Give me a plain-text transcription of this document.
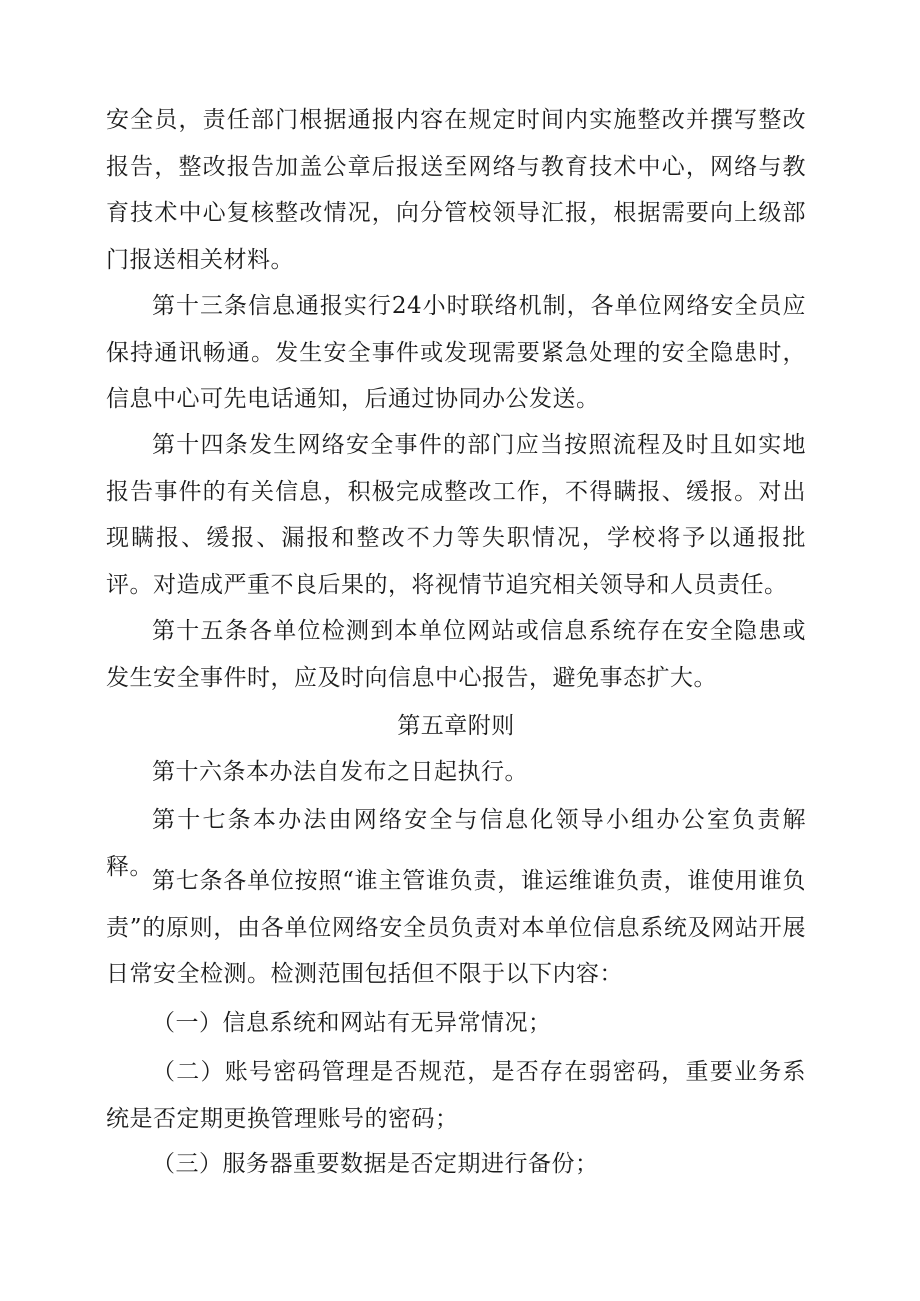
安全员，责任部门根据通报内容在规定时间内实施整改并撰写整改报告，整改报告加盖公章后报送至网络与教育技术中心，网络与教育技术中心复核整改情况，向分管校领导汇报，根据需要向上级部门报送相关材料。

第十三条信息通报实行24小时联络机制，各单位网络安全员应保持通讯畅通。发生安全事件或发现需要紧急处理的安全隐患时，信息中心可先电话通知，后通过协同办公发送。

第十四条发生网络安全事件的部门应当按照流程及时且如实地报告事件的有关信息，积极完成整改工作，不得瞒报、缓报。对出现瞒报、缓报、漏报和整改不力等失职情况，学校将予以通报批评。对造成严重不良后果的，将视情节追究相关领导和人员责任。

第十五条各单位检测到本单位网站或信息系统存在安全隐患或发生安全事件时，应及时向信息中心报告，避免事态扩大。

第五章附则

第十六条本办法自发布之日起执行。

第十七条本办法由网络安全与信息化领导小组办公室负责解释。

第七条各单位按照“谁主管谁负责，谁运维谁负责，谁使用谁负责”的原则，由各单位网络安全员负责对本单位信息系统及网站开展日常安全检测。检测范围包括但不限于以下内容：

（一）信息系统和网站有无异常情况；

（二）账号密码管理是否规范，是否存在弱密码，重要业务系统是否定期更换管理账号的密码；

（三）服务器重要数据是否定期进行备份；
